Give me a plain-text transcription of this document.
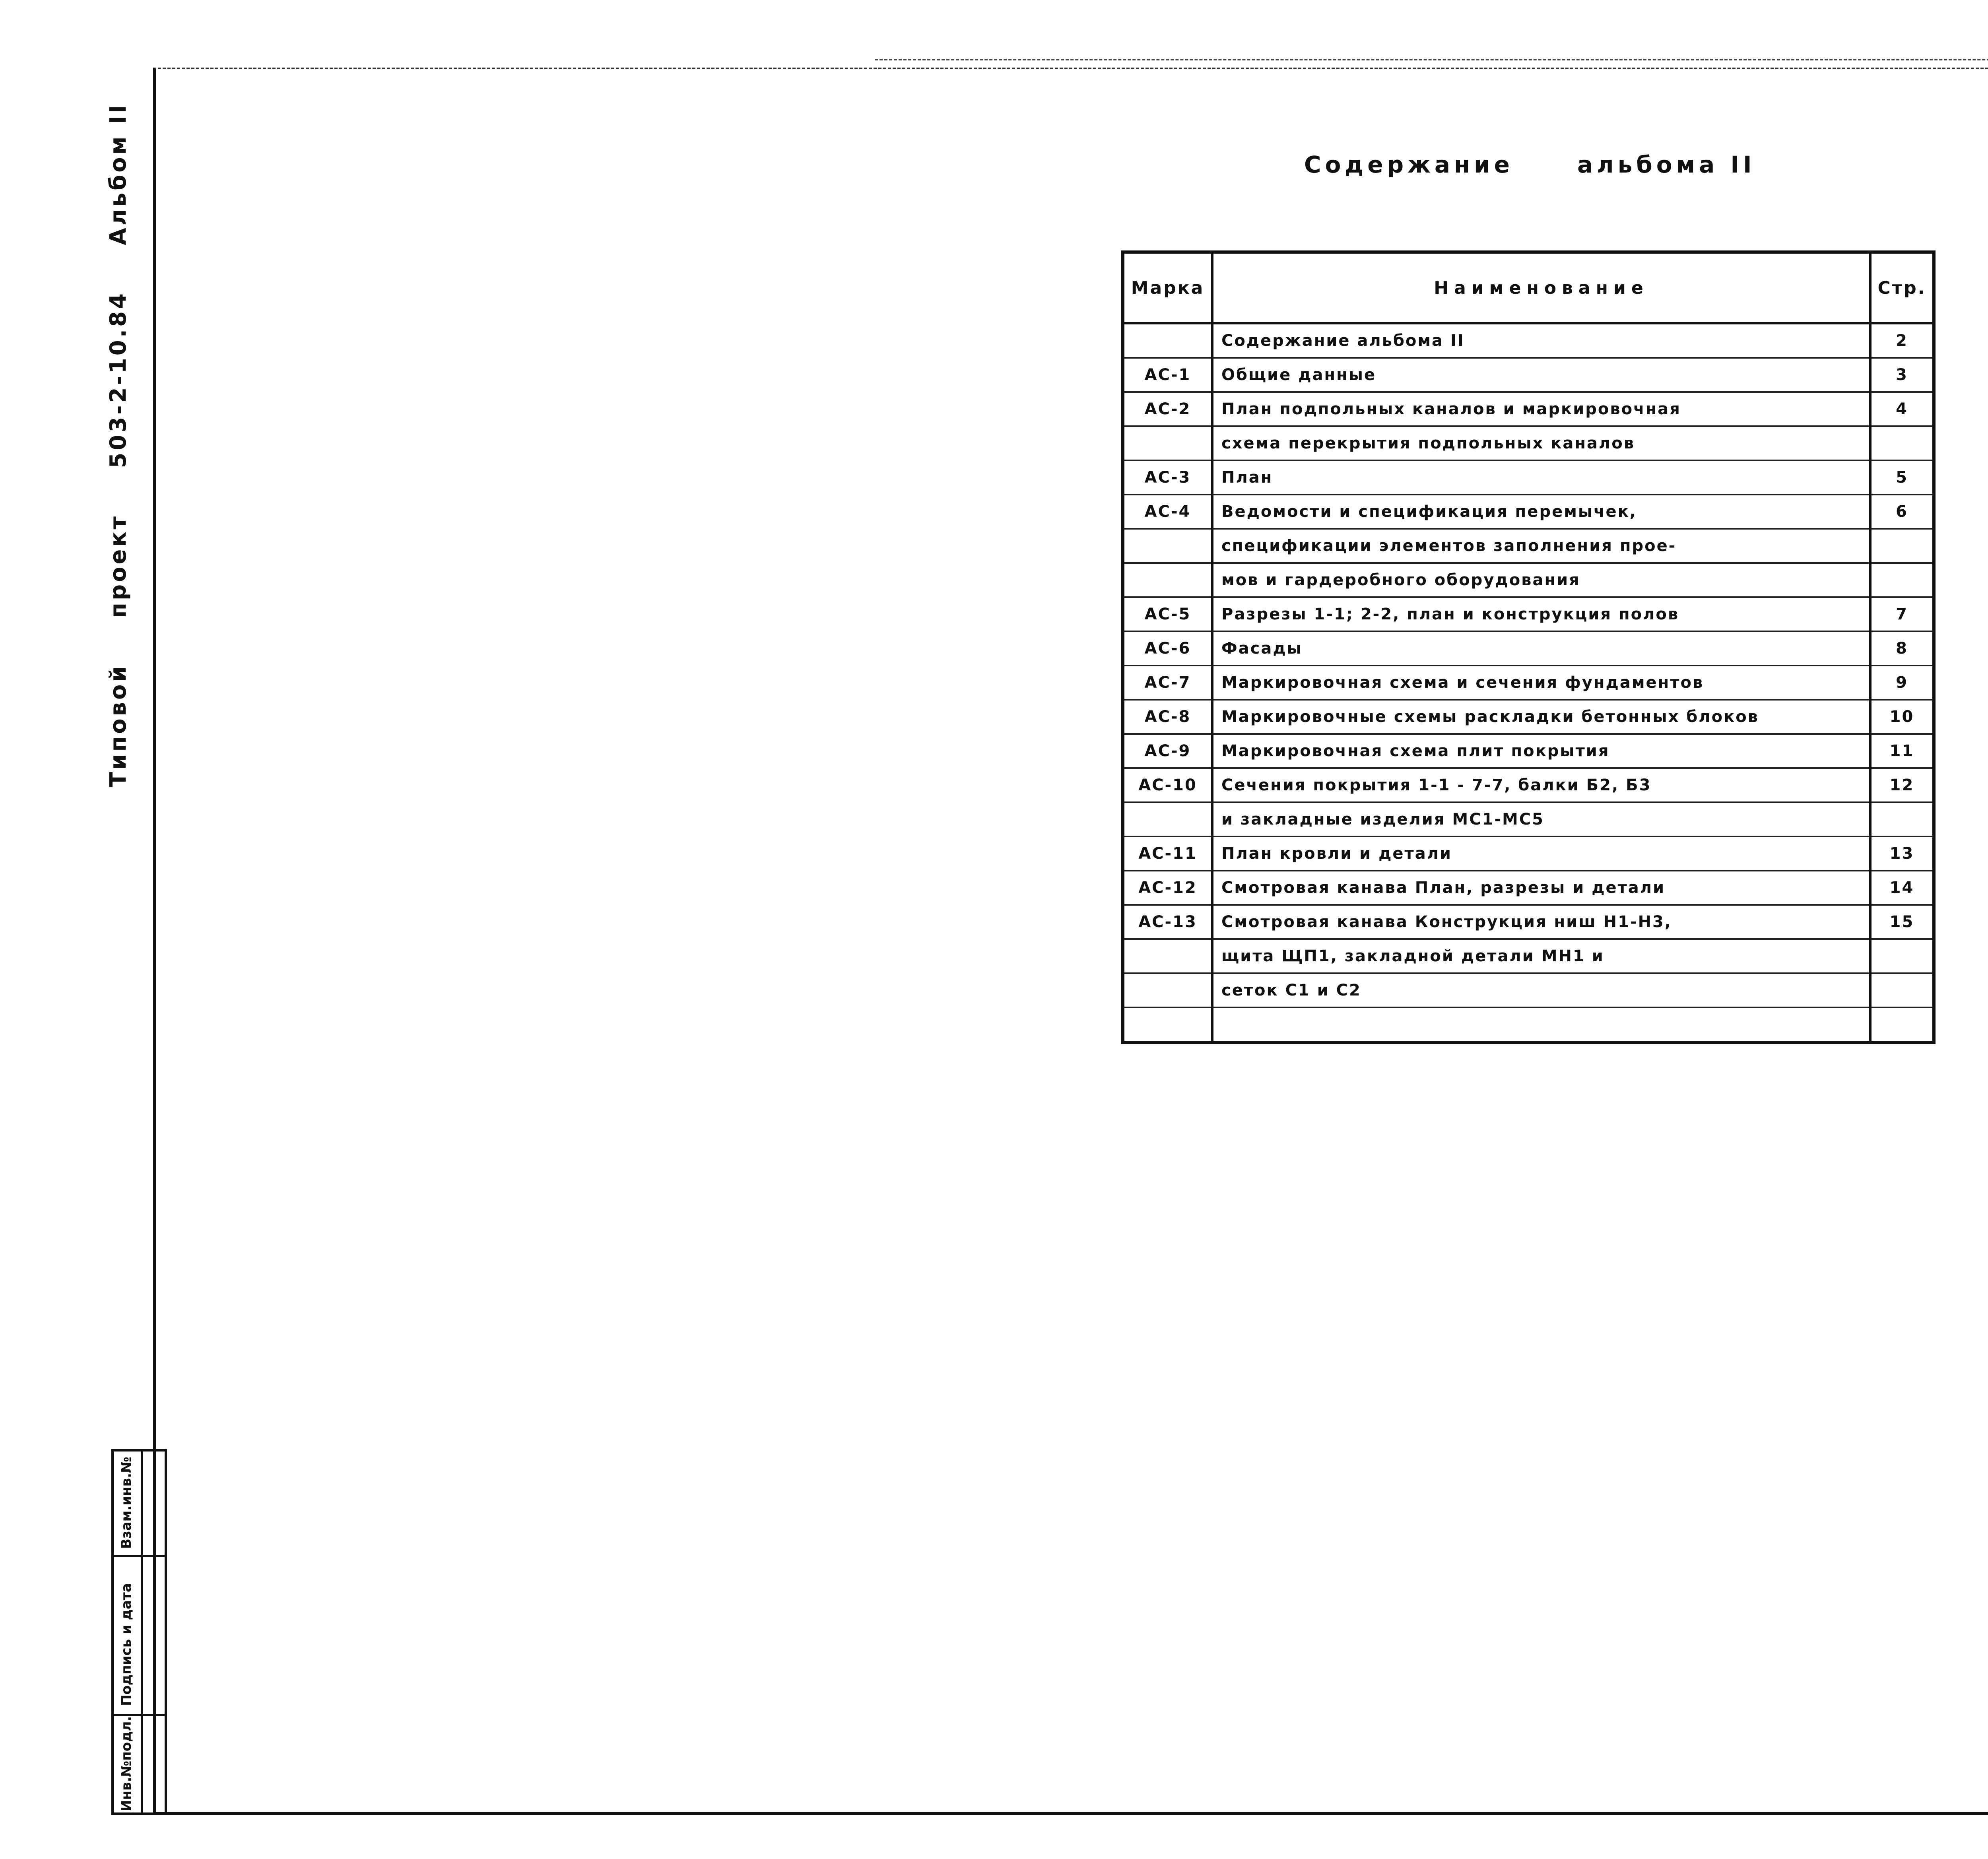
Типовой проект 503-2-10.84 Альбом II
Инв.№подл.
Подпись и дата
Взам.инв.№
Содержание	альбома II
Марка	Наименование	Стр.
	Содержание альбома II	2
АС-1	Общие данные	3
АС-2	План подпольных каналов и маркировочная	4
	схема перекрытия подпольных каналов	
АС-3	План	5
АС-4	Ведомости и спецификация перемычек,	6
	спецификации элементов заполнения прое-	
	мов и гардеробного оборудования	
АС-5	Разрезы 1-1; 2-2, план и конструкция полов	7
АС-6	Фасады	8
АС-7	Маркировочная схема и сечения фундаментов	9
АС-8	Маркировочные схемы раскладки бетонных блоков	10
АС-9	Маркировочная схема плит покрытия	11
АС-10	Сечения покрытия 1-1 - 7-7, балки Б2, Б3	12
	и закладные изделия МС1-МС5	
АС-11	План кровли и детали	13
АС-12	Смотровая канава План, разрезы и детали	14
АС-13	Смотровая канава Конструкция ниш Н1-Н3,	15
	щита ЩП1, закладной детали МН1 и	
	сеток С1 и С2	
